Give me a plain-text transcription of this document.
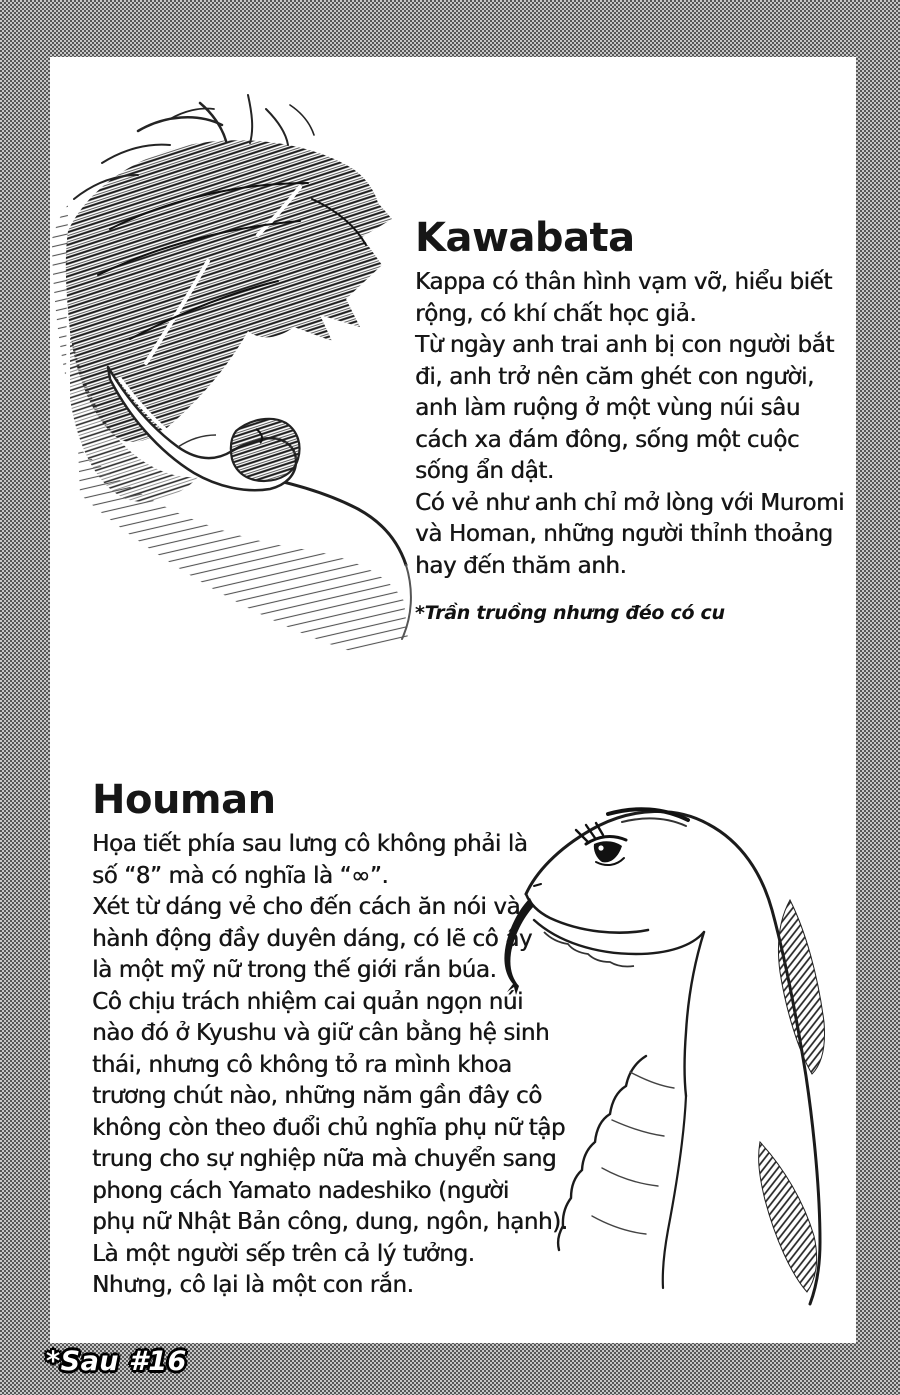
Kawabata
Kappa có thân hình vạm vỡ, hiểu biết
rộng, có khí chất học giả.
Từ ngày anh trai anh bị con người bắt
đi, anh trở nên căm ghét con người,
anh làm ruộng ở một vùng núi sâu
cách xa đám đông, sống một cuộc
sống ẩn dật.
Có vẻ như anh chỉ mở lòng với Muromi
và Homan, những người thỉnh thoảng
hay đến thăm anh.
*Trần truồng nhưng đéo có cu
Houman
Họa tiết phía sau lưng cô không phải là
số “8” mà có nghĩa là “∞”.
Xét từ dáng vẻ cho đến cách ăn nói và
hành động đầy duyên dáng, có lẽ cô ấy
là một mỹ nữ trong thế giới rắn búa.
Cô chịu trách nhiệm cai quản ngọn núi
nào đó ở Kyushu và giữ cân bằng hệ sinh
thái, nhưng cô không tỏ ra mình khoa
trương chút nào, những năm gần đây cô
không còn theo đuổi chủ nghĩa phụ nữ tập
trung cho sự nghiệp nữa mà chuyển sang
phong cách Yamato nadeshiko (người
phụ nữ Nhật Bản công, dung, ngôn, hạnh).
Là một người sếp trên cả lý tưởng.
Nhưng, cô lại là một con rắn.
*Sau #16
